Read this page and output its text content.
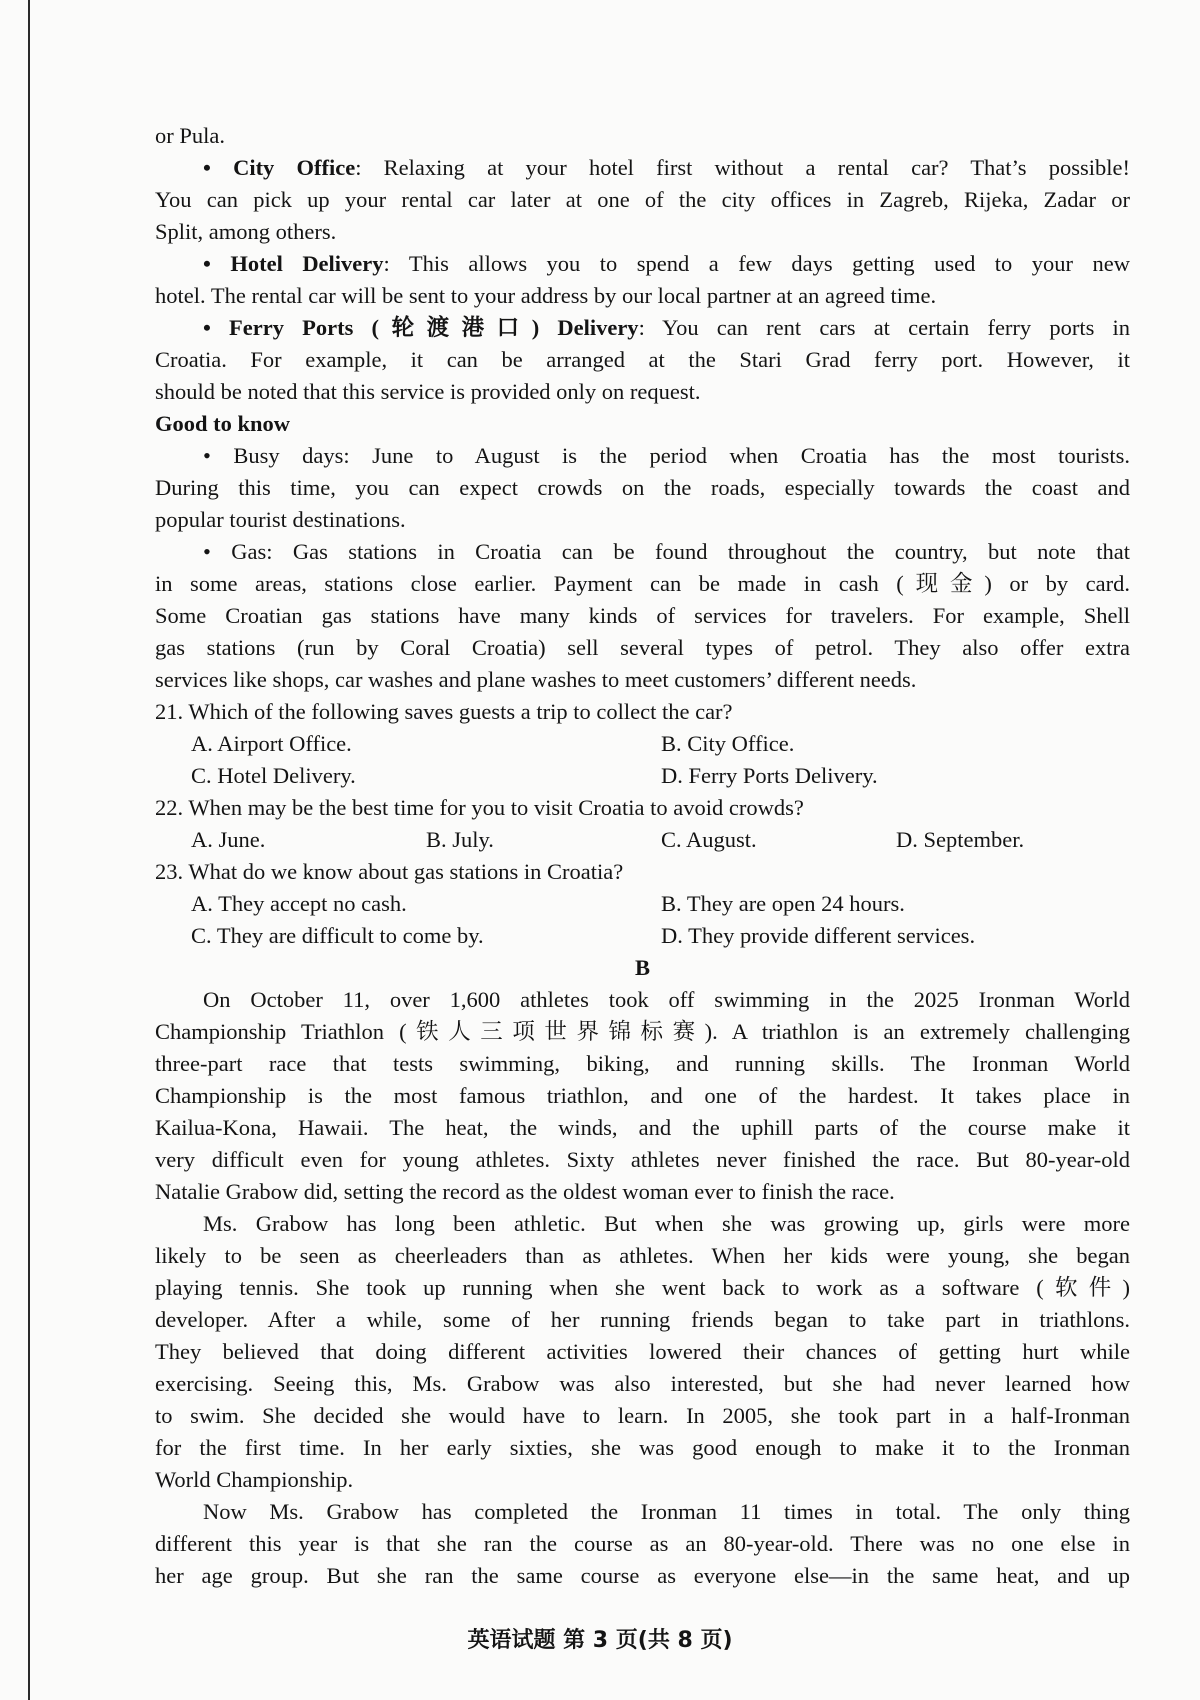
or Pula.
• City Office: Relaxing at your hotel first without a rental car? That’s possible!
You can pick up your rental car later at one of the city offices in Zagreb, Rijeka, Zadar or
Split, among others.
• Hotel Delivery: This allows you to spend a few days getting used to your new
hotel. The rental car will be sent to your address by our local partner at an agreed time.
• Ferry Ports (轮渡港口) Delivery: You can rent cars at certain ferry ports in
Croatia. For example, it can be arranged at the Stari Grad ferry port. However, it
should be noted that this service is provided only on request.
Good to know
• Busy days: June to August is the period when Croatia has the most tourists.
During this time, you can expect crowds on the roads, especially towards the coast and
popular tourist destinations.
• Gas: Gas stations in Croatia can be found throughout the country, but note that
in some areas, stations close earlier. Payment can be made in cash (现金) or by card.
Some Croatian gas stations have many kinds of services for travelers. For example, Shell
gas stations (run by Coral Croatia) sell several types of petrol. They also offer extra
services like shops, car washes and plane washes to meet customers’ different needs.
21. Which of the following saves guests a trip to collect the car?
A. Airport Office.	B. City Office.
C. Hotel Delivery.	D. Ferry Ports Delivery.
22. When may be the best time for you to visit Croatia to avoid crowds?
A. June.	B. July.	C. August.	D. September.
23. What do we know about gas stations in Croatia?
A. They accept no cash.	B. They are open 24 hours.
C. They are difficult to come by.	D. They provide different services.
B
On October 11, over 1,600 athletes took off swimming in the 2025 Ironman World
Championship Triathlon (铁人三项世界锦标赛). A triathlon is an extremely challenging
three-part race that tests swimming, biking, and running skills. The Ironman World
Championship is the most famous triathlon, and one of the hardest. It takes place in
Kailua-Kona, Hawaii. The heat, the winds, and the uphill parts of the course make it
very difficult even for young athletes. Sixty athletes never finished the race. But 80-year-old
Natalie Grabow did, setting the record as the oldest woman ever to finish the race.
Ms. Grabow has long been athletic. But when she was growing up, girls were more
likely to be seen as cheerleaders than as athletes. When her kids were young, she began
playing tennis. She took up running when she went back to work as a software (软件)
developer. After a while, some of her running friends began to take part in triathlons.
They believed that doing different activities lowered their chances of getting hurt while
exercising. Seeing this, Ms. Grabow was also interested, but she had never learned how
to swim. She decided she would have to learn. In 2005, she took part in a half-Ironman
for the first time. In her early sixties, she was good enough to make it to the Ironman
World Championship.
Now Ms. Grabow has completed the Ironman 11 times in total. The only thing
different this year is that she ran the course as an 80-year-old. There was no one else in
her age group. But she ran the same course as everyone else—in the same heat, and up
英语试题 第 3 页(共 8 页)
